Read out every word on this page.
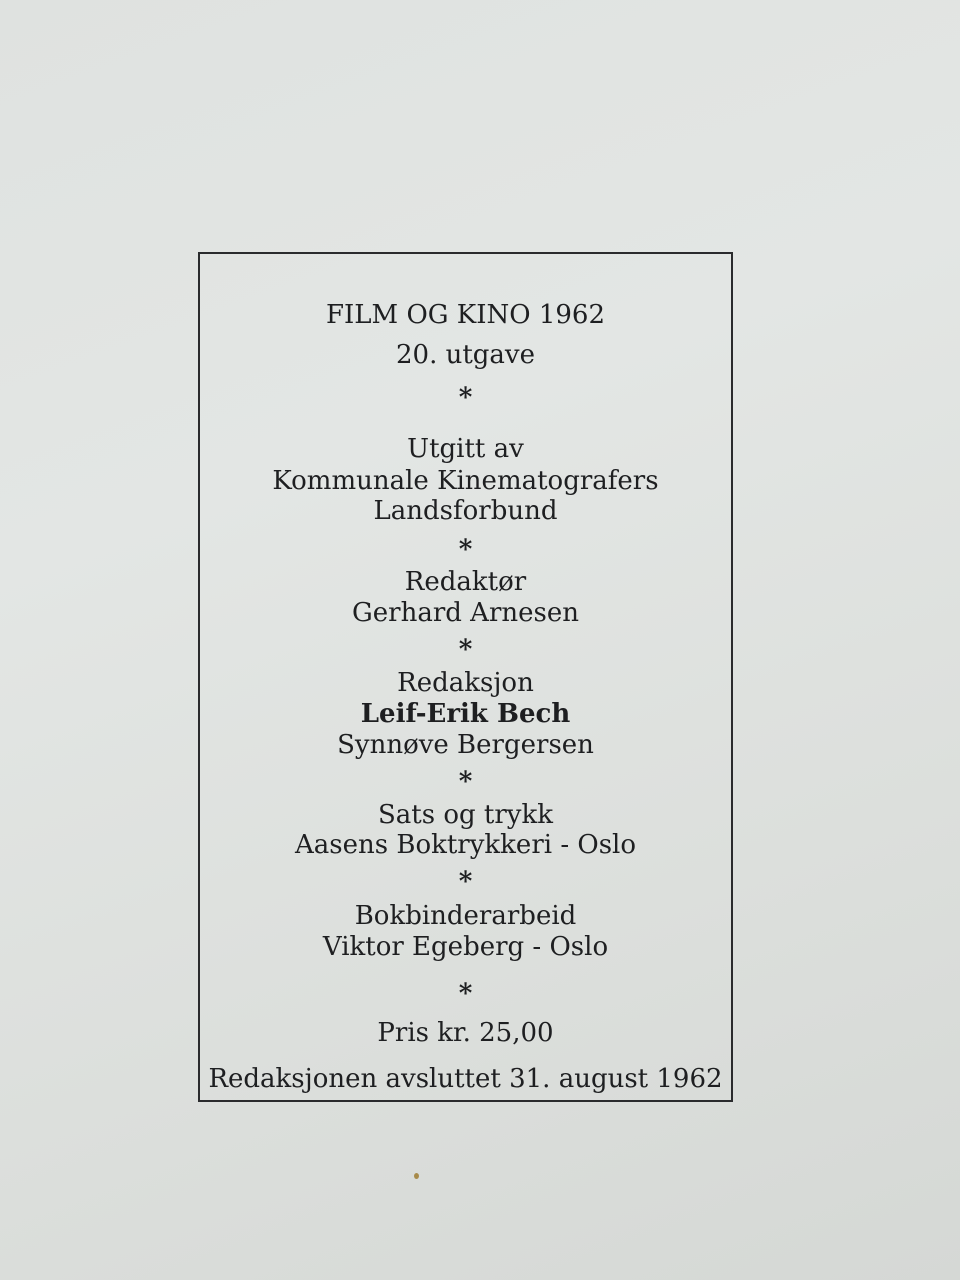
FILM OG KINO 1962
20. utgave
*
Utgitt av
Kommunale Kinematografers
Landsforbund
*
Redaktør
Gerhard Arnesen
*
Redaksjon
Leif-Erik Bech
Synnøve Bergersen
*
Sats og trykk
Aasens Boktrykkeri - Oslo
*
Bokbinderarbeid
Viktor Egeberg - Oslo
*
Pris kr. 25,00
Redaksjonen avsluttet 31. august 1962
